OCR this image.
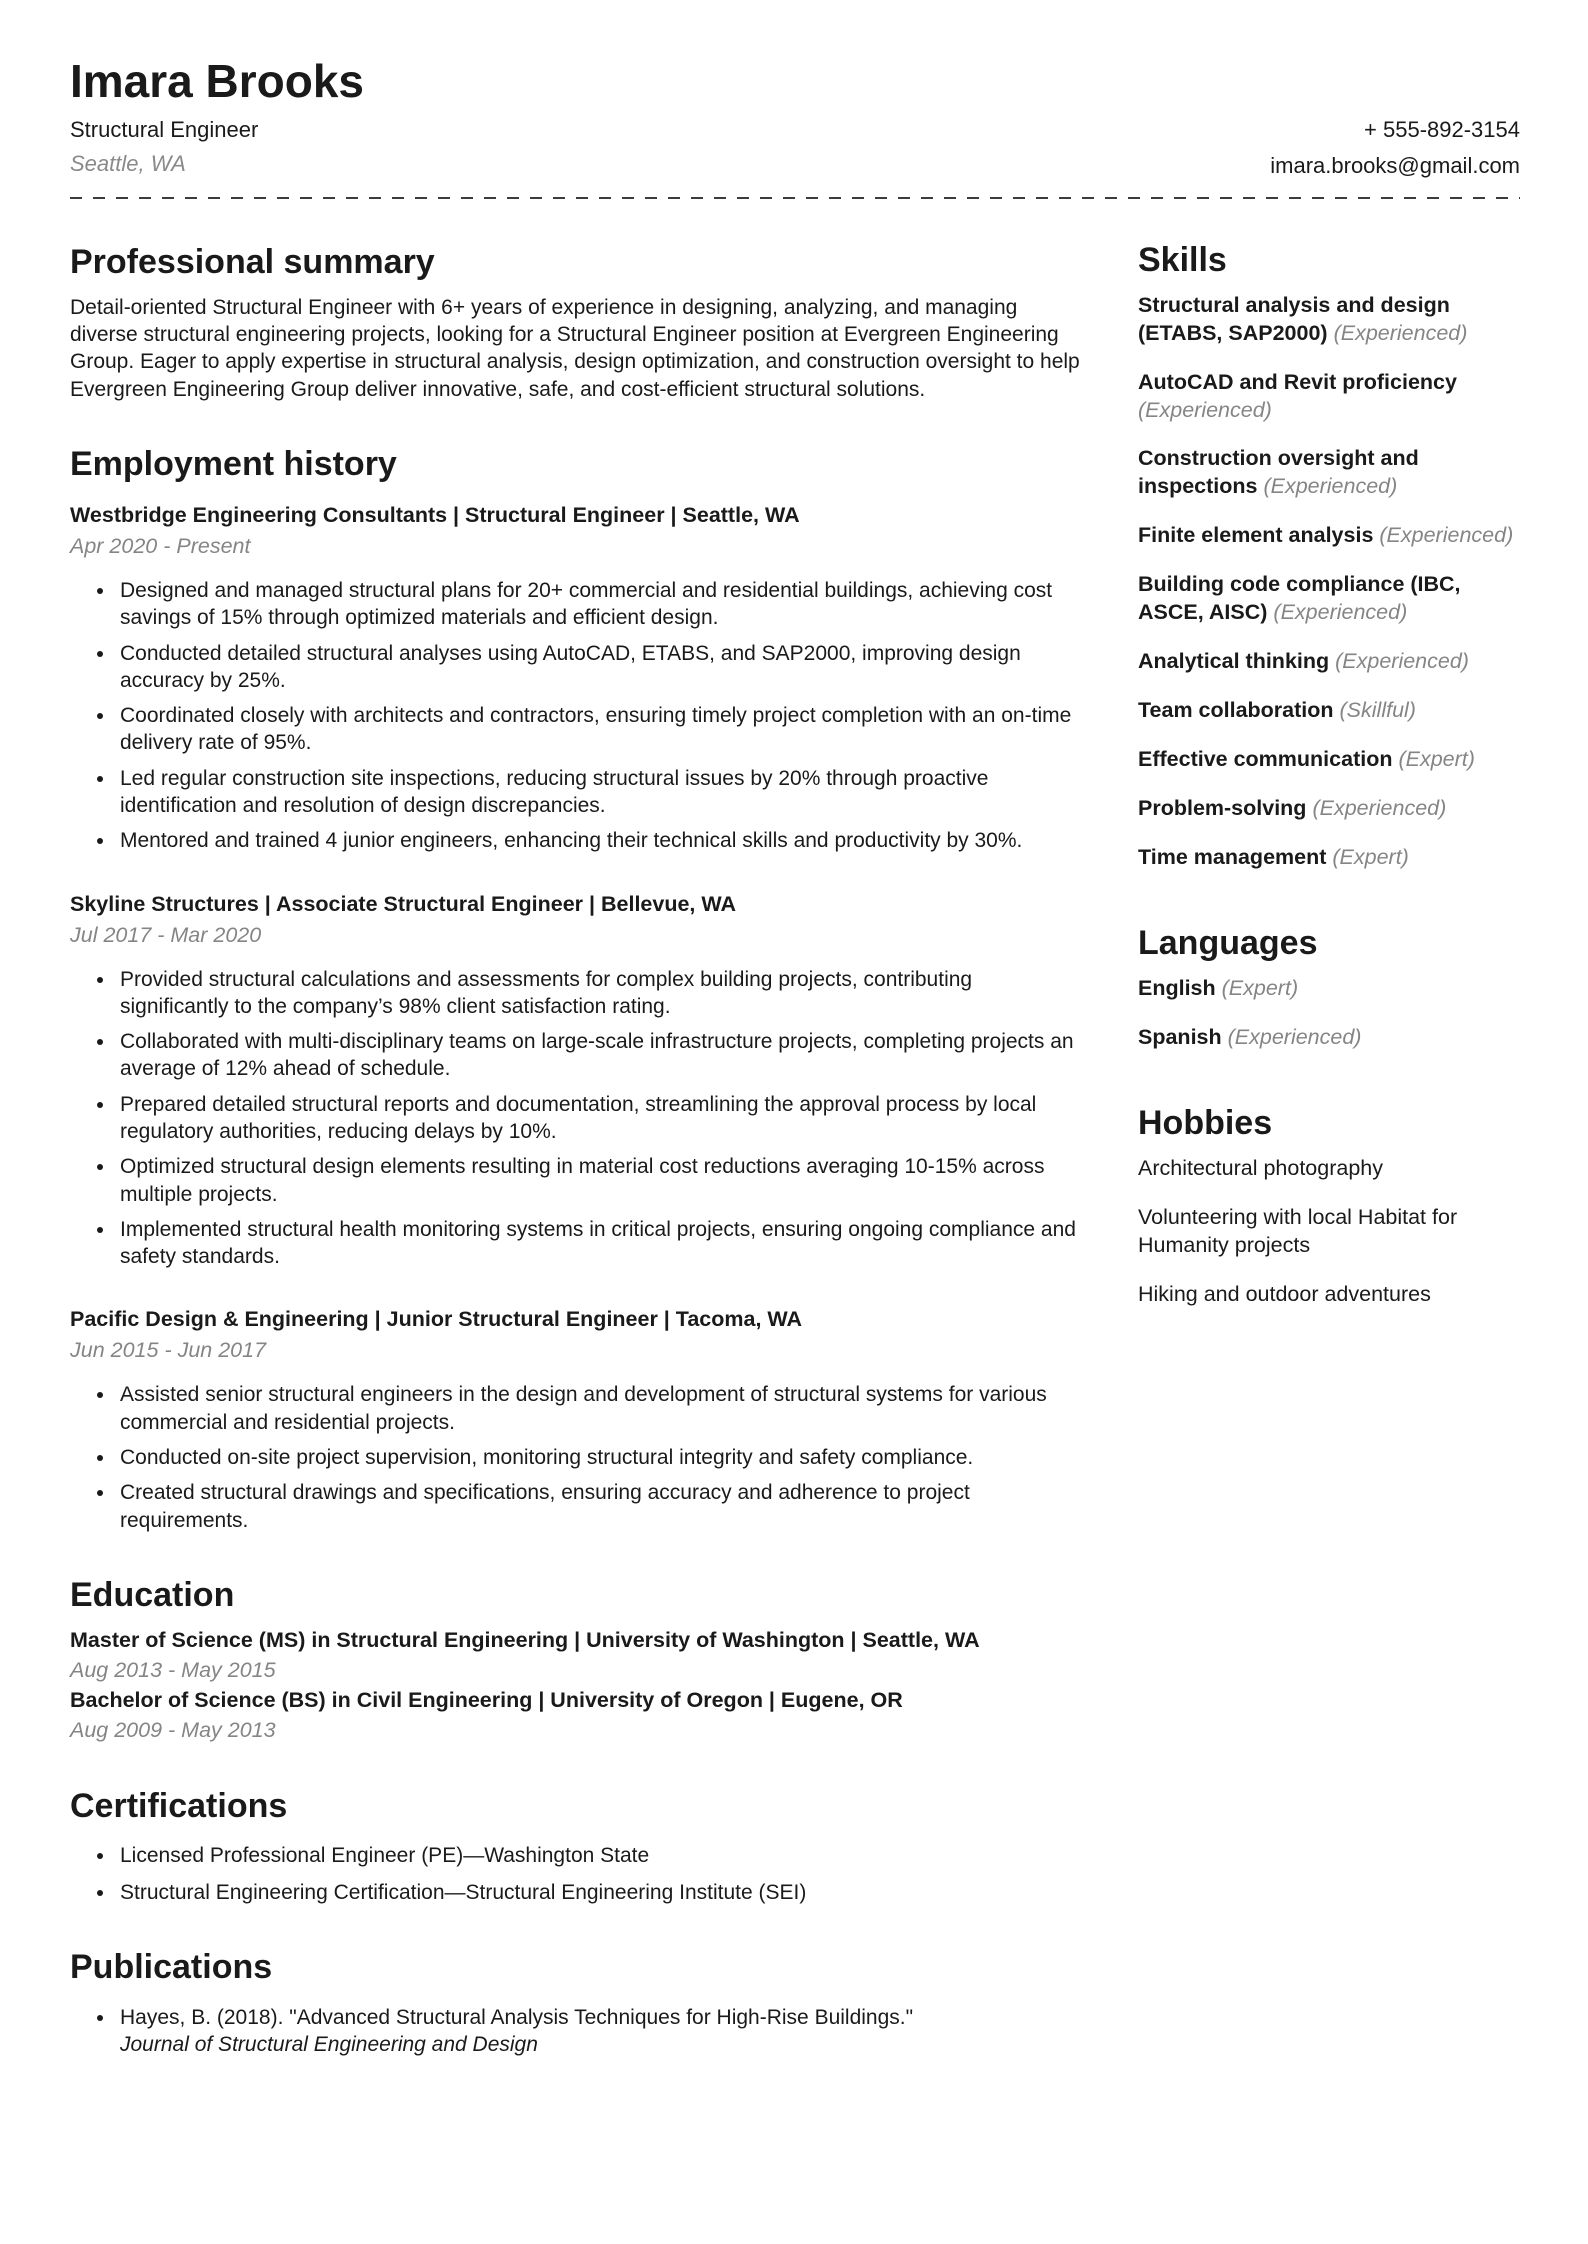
Imara Brooks
Structural Engineer
Seattle, WA
+ 555-892-3154
imara.brooks@gmail.com
Professional summary

Detail-oriented Structural Engineer with 6+ years of experience in designing, analyzing, and managing diverse structural engineering projects, looking for a Structural Engineer position at Evergreen Engineering Group. Eager to apply expertise in structural analysis, design optimization, and construction oversight to help Evergreen Engineering Group deliver innovative, safe, and cost-efficient structural solutions.

Employment history
Westbridge Engineering Consultants | Structural Engineer | Seattle, WA
Apr 2020 - Present
• Designed and managed structural plans for 20+ commercial and residential buildings, achieving cost savings of 15% through optimized materials and efficient design.
• Conducted detailed structural analyses using AutoCAD, ETABS, and SAP2000, improving design accuracy by 25%.
• Coordinated closely with architects and contractors, ensuring timely project completion with an on-time delivery rate of 95%.
• Led regular construction site inspections, reducing structural issues by 20% through proactive identification and resolution of design discrepancies.
• Mentored and trained 4 junior engineers, enhancing their technical skills and productivity by 30%.
Skyline Structures | Associate Structural Engineer | Bellevue, WA
Jul 2017 - Mar 2020
• Provided structural calculations and assessments for complex building projects, contributing significantly to the company’s 98% client satisfaction rating.
• Collaborated with multi-disciplinary teams on large-scale infrastructure projects, completing projects an average of 12% ahead of schedule.
• Prepared detailed structural reports and documentation, streamlining the approval process by local regulatory authorities, reducing delays by 10%.
• Optimized structural design elements resulting in material cost reductions averaging 10-15% across multiple projects.
• Implemented structural health monitoring systems in critical projects, ensuring ongoing compliance and safety standards.
Pacific Design & Engineering | Junior Structural Engineer | Tacoma, WA
Jun 2015 - Jun 2017
• Assisted senior structural engineers in the design and development of structural systems for various commercial and residential projects.
• Conducted on-site project supervision, monitoring structural integrity and safety compliance.
• Created structural drawings and specifications, ensuring accuracy and adherence to project requirements.
Education
Master of Science (MS) in Structural Engineering | University of Washington | Seattle, WA
Aug 2013 - May 2015
Bachelor of Science (BS) in Civil Engineering | University of Oregon | Eugene, OR
Aug 2009 - May 2013
Certifications
• Licensed Professional Engineer (PE)—Washington State
• Structural Engineering Certification—Structural Engineering Institute (SEI)
Publications
• Hayes, B. (2018). "Advanced Structural Analysis Techniques for High-Rise Buildings."
Journal of Structural Engineering and Design
Skills
Structural analysis and design (ETABS, SAP2000) (Experienced)
AutoCAD and Revit proficiency (Experienced)
Construction oversight and inspections (Experienced)
Finite element analysis (Experienced)
Building code compliance (IBC, ASCE, AISC) (Experienced)
Analytical thinking (Experienced)
Team collaboration (Skillful)
Effective communication (Expert)
Problem-solving (Experienced)
Time management (Expert)
Languages
English (Expert)
Spanish (Experienced)
Hobbies
Architectural photography
Volunteering with local Habitat for Humanity projects
Hiking and outdoor adventures
